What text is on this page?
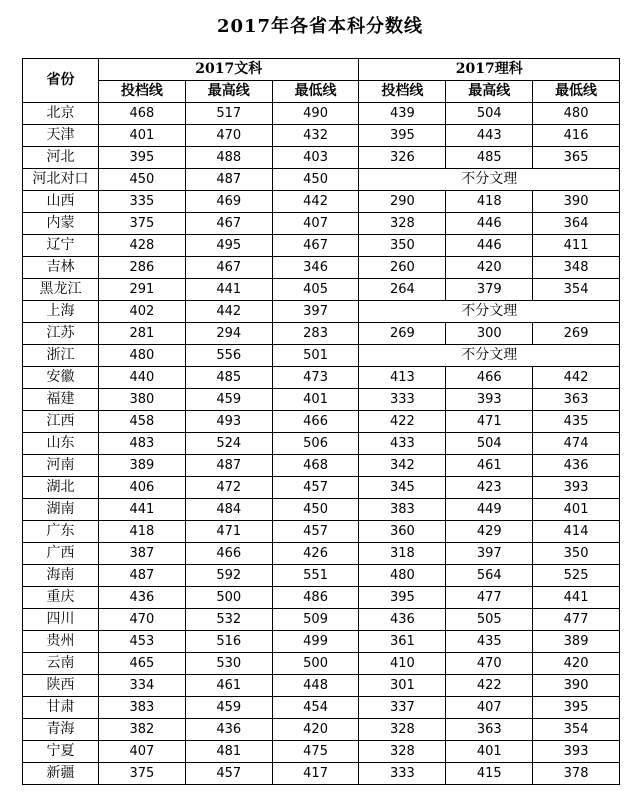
2017年各省本科分数线
省份	2017文科			2017理科		
	投档线	最高线	最低线	投档线	最高线	最低线
北京	468	517	490	439	504	480
天津	401	470	432	395	443	416
河北	395	488	403	326	485	365
河北对口	450	487	450	不分文理		
山西	335	469	442	290	418	390
内蒙	375	467	407	328	446	364
辽宁	428	495	467	350	446	411
吉林	286	467	346	260	420	348
黑龙江	291	441	405	264	379	354
上海	402	442	397	不分文理		
江苏	281	294	283	269	300	269
浙江	480	556	501	不分文理		
安徽	440	485	473	413	466	442
福建	380	459	401	333	393	363
江西	458	493	466	422	471	435
山东	483	524	506	433	504	474
河南	389	487	468	342	461	436
湖北	406	472	457	345	423	393
湖南	441	484	450	383	449	401
广东	418	471	457	360	429	414
广西	387	466	426	318	397	350
海南	487	592	551	480	564	525
重庆	436	500	486	395	477	441
四川	470	532	509	436	505	477
贵州	453	516	499	361	435	389
云南	465	530	500	410	470	420
陕西	334	461	448	301	422	390
甘肃	383	459	454	337	407	395
青海	382	436	420	328	363	354
宁夏	407	481	475	328	401	393
新疆	375	457	417	333	415	378
